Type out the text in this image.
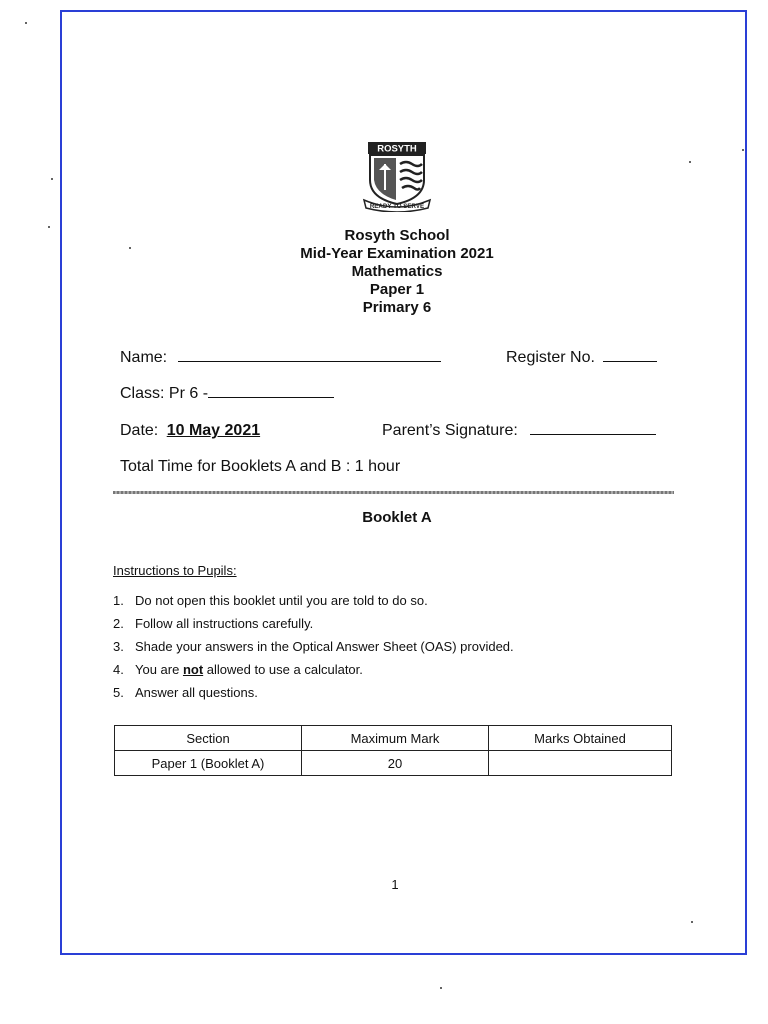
ROSYTH
READY TO SERVE
Rosyth School
Mid-Year Examination 2021
Mathematics
Paper 1
Primary 6
Name:	Register No.
Class: Pr 6 -
Date: 10 May 2021	Parent’s Signature:
Total Time for Booklets A and B : 1 hour
Booklet A
Instructions to Pupils:
1. Do not open this booklet until you are told to do so.
2. Follow all instructions carefully.
3. Shade your answers in the Optical Answer Sheet (OAS) provided.
4. You are not allowed to use a calculator.
5. Answer all questions.
Section	Maximum Mark	Marks Obtained
Paper 1 (Booklet A)	20	
1
